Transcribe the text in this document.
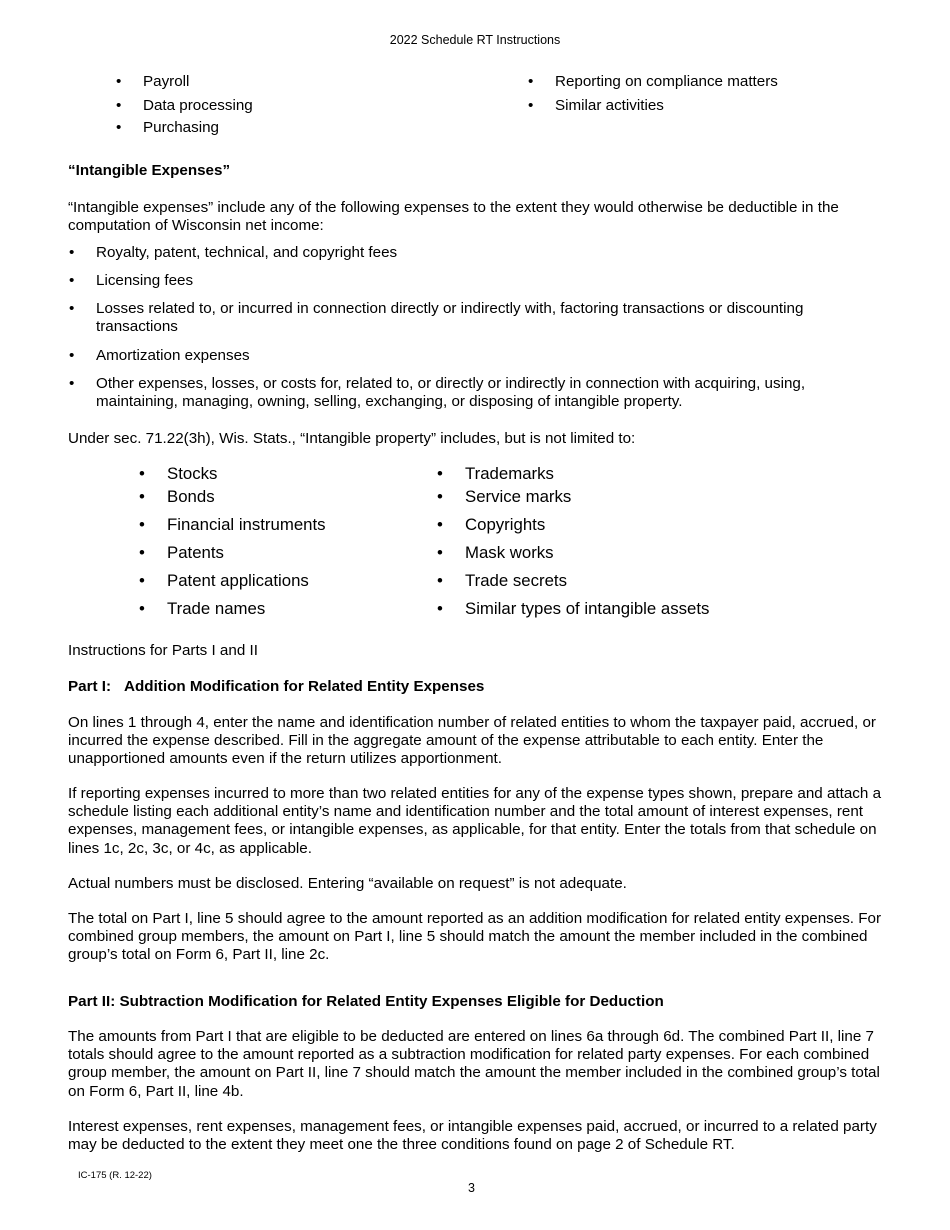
2022 Schedule RT Instructions
• Payroll
• Data processing
• Purchasing
• Reporting on compliance matters
• Similar activities
“Intangible Expenses”
“Intangible expenses” include any of the following expenses to the extent they would otherwise be deductible in the computation of Wisconsin net income:
• Royalty, patent, technical, and copyright fees
• Licensing fees
• Losses related to, or incurred in connection directly or indirectly with, factoring transactions or discounting transactions
• Amortization expenses
• Other expenses, losses, or costs for, related to, or directly or indirectly in connection with acquiring, using, maintaining, managing, owning, selling, exchanging, or disposing of intangible property.
Under sec. 71.22(3h), Wis. Stats., “Intangible property” includes, but is not limited to:
• Stocks
• Bonds
• Financial instruments
• Patents
• Patent applications
• Trade names
• Trademarks
• Service marks
• Copyrights
• Mask works
• Trade secrets
• Similar types of intangible assets
Instructions for Parts I and II
Part I: Addition Modification for Related Entity Expenses
On lines 1 through 4, enter the name and identification number of related entities to whom the taxpayer paid, accrued, or incurred the expense described. Fill in the aggregate amount of the expense attributable to each entity. Enter the unapportioned amounts even if the return utilizes apportionment.
If reporting expenses incurred to more than two related entities for any of the expense types shown, prepare and attach a schedule listing each additional entity’s name and identification number and the total amount of interest expenses, rent expenses, management fees, or intangible expenses, as applicable, for that entity. Enter the totals from that schedule on lines 1c, 2c, 3c, or 4c, as applicable.
Actual numbers must be disclosed. Entering “available on request” is not adequate.
The total on Part I, line 5 should agree to the amount reported as an addition modification for related entity expenses. For combined group members, the amount on Part I, line 5 should match the amount the member included in the combined group’s total on Form 6, Part II, line 2c.
Part II: Subtraction Modification for Related Entity Expenses Eligible for Deduction
The amounts from Part I that are eligible to be deducted are entered on lines 6a through 6d. The combined Part II, line 7 totals should agree to the amount reported as a subtraction modification for related party expenses. For each combined group member, the amount on Part II, line 7 should match the amount the member included in the combined group’s total on Form 6, Part II, line 4b.
Interest expenses, rent expenses, management fees, or intangible expenses paid, accrued, or incurred to a related party may be deducted to the extent they meet one the three conditions found on page 2 of Schedule RT.
IC-175 (R. 12-22)
3
